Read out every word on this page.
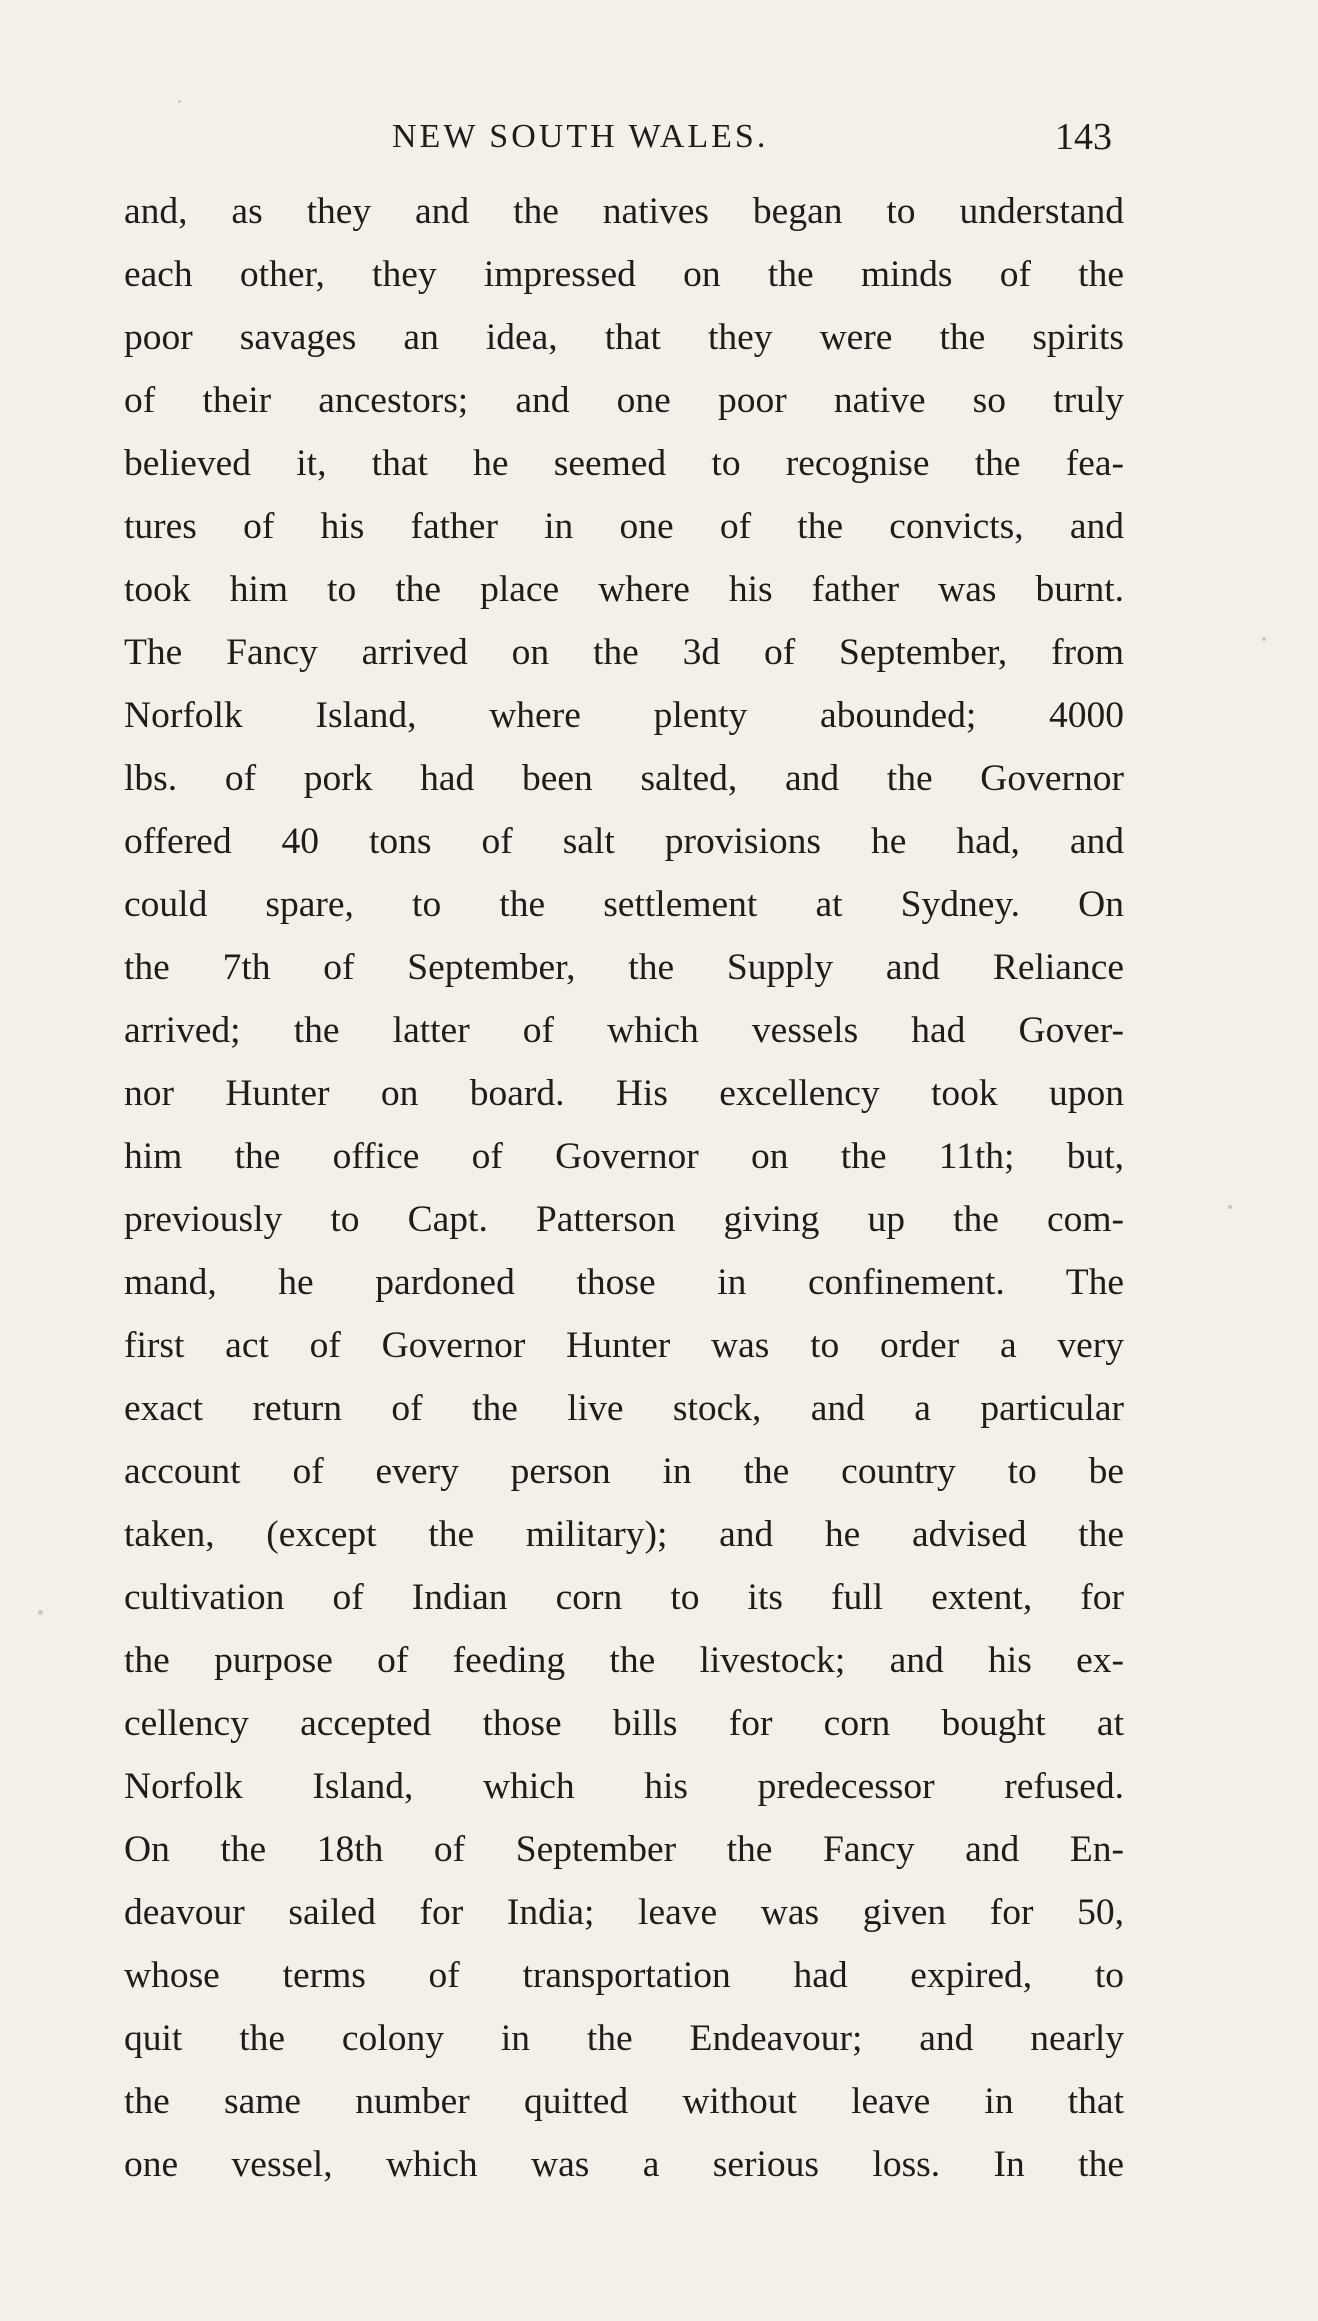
NEW SOUTH WALES.	143
and, as they and the natives began to understand
each other, they impressed on the minds of the
poor savages an idea, that they were the spirits
of their ancestors; and one poor native so truly
believed it, that he seemed to recognise the fea-
tures of his father in one of the convicts, and
took him to the place where his father was burnt.
The Fancy arrived on the 3d of September, from
Norfolk Island, where plenty abounded; 4000
lbs. of pork had been salted, and the Governor
offered 40 tons of salt provisions he had, and
could spare, to the settlement at Sydney. On
the 7th of September, the Supply and Reliance
arrived; the latter of which vessels had Gover-
nor Hunter on board. His excellency took upon
him the office of Governor on the 11th; but,
previously to Capt. Patterson giving up the com-
mand, he pardoned those in confinement. The
first act of Governor Hunter was to order a very
exact return of the live stock, and a particular
account of every person in the country to be
taken, (except the military); and he advised the
cultivation of Indian corn to its full extent, for
the purpose of feeding the livestock; and his ex-
cellency accepted those bills for corn bought at
Norfolk Island, which his predecessor refused.
On the 18th of September the Fancy and En-
deavour sailed for India; leave was given for 50,
whose terms of transportation had expired, to
quit the colony in the Endeavour; and nearly
the same number quitted without leave in that
one vessel, which was a serious loss. In the
